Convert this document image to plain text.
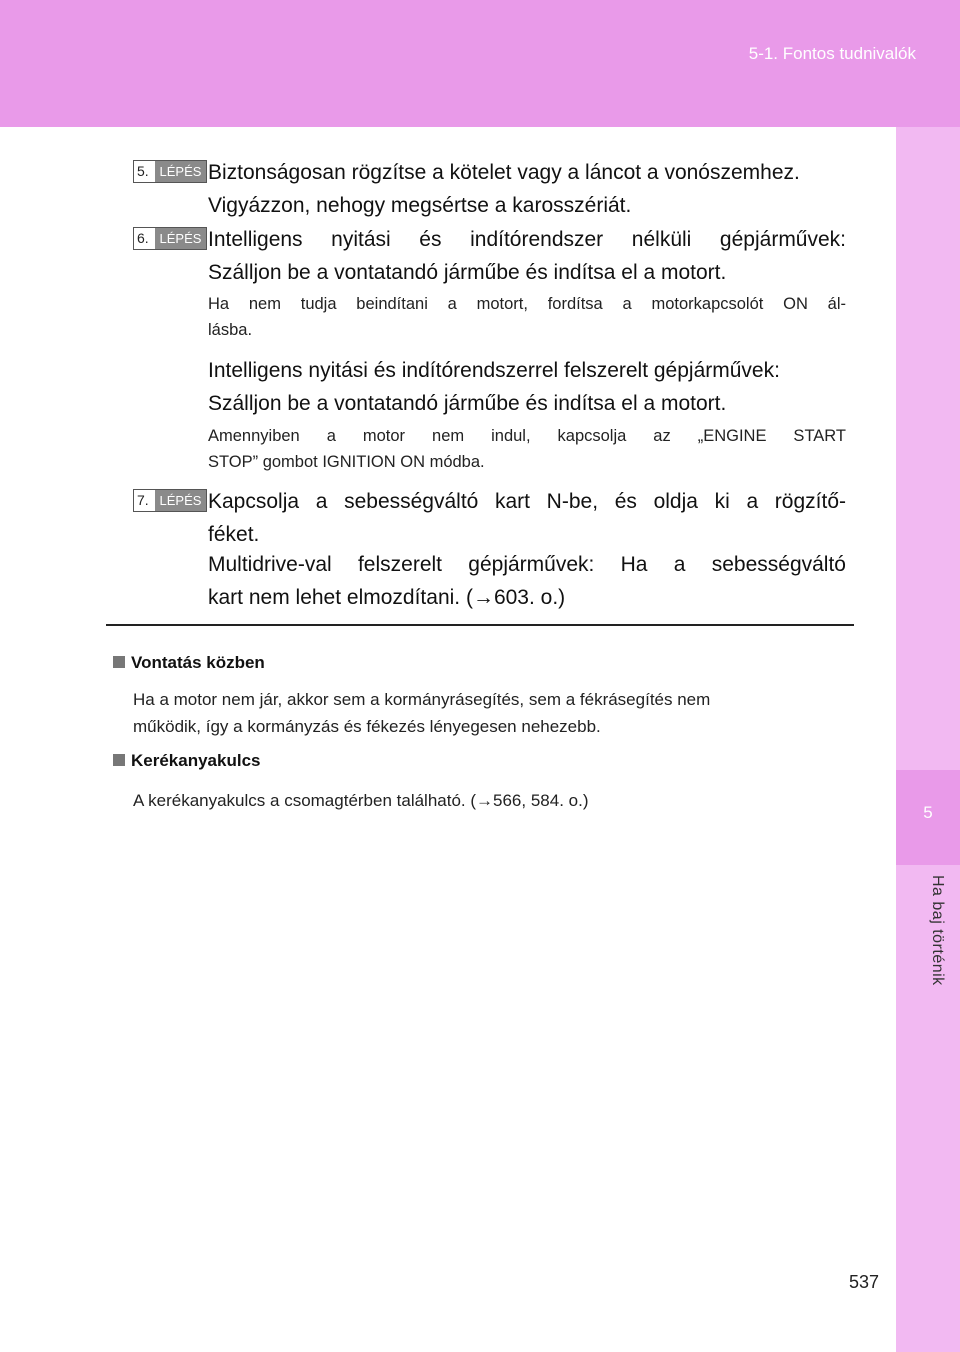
5-1. Fontos tudnivalók
5
Ha baj történik
5. LÉPÉS Biztonságosan rögzítse a kötelet vagy a láncot a vonószemhez.
Vigyázzon, nehogy megsértse a karosszériát.
6. LÉPÉS Intelligens nyitási és indítórendszer nélküli gépjárművek:
Szálljon be a vontatandó járműbe és indítsa el a motort.
Ha nem tudja beindítani a motort, fordítsa a motorkapcsolót ON ál-
lásba.
Intelligens nyitási és indítórendszerrel felszerelt gépjárművek:
Szálljon be a vontatandó járműbe és indítsa el a motort.
Amennyiben a motor nem indul, kapcsolja az „ENGINE START
STOP” gombot IGNITION ON módba.
7. LÉPÉS Kapcsolja a sebességváltó kart N-be, és oldja ki a rögzítő-
féket.
Multidrive-val felszerelt gépjárművek: Ha a sebességváltó
kart nem lehet elmozdítani. (→603. o.)
Vontatás közben
Ha a motor nem jár, akkor sem a kormányrásegítés, sem a fékrásegítés nem
működik, így a kormányzás és fékezés lényegesen nehezebb.
Kerékanyakulcs
A kerékanyakulcs a csomagtérben található. (→566, 584. o.)
537
